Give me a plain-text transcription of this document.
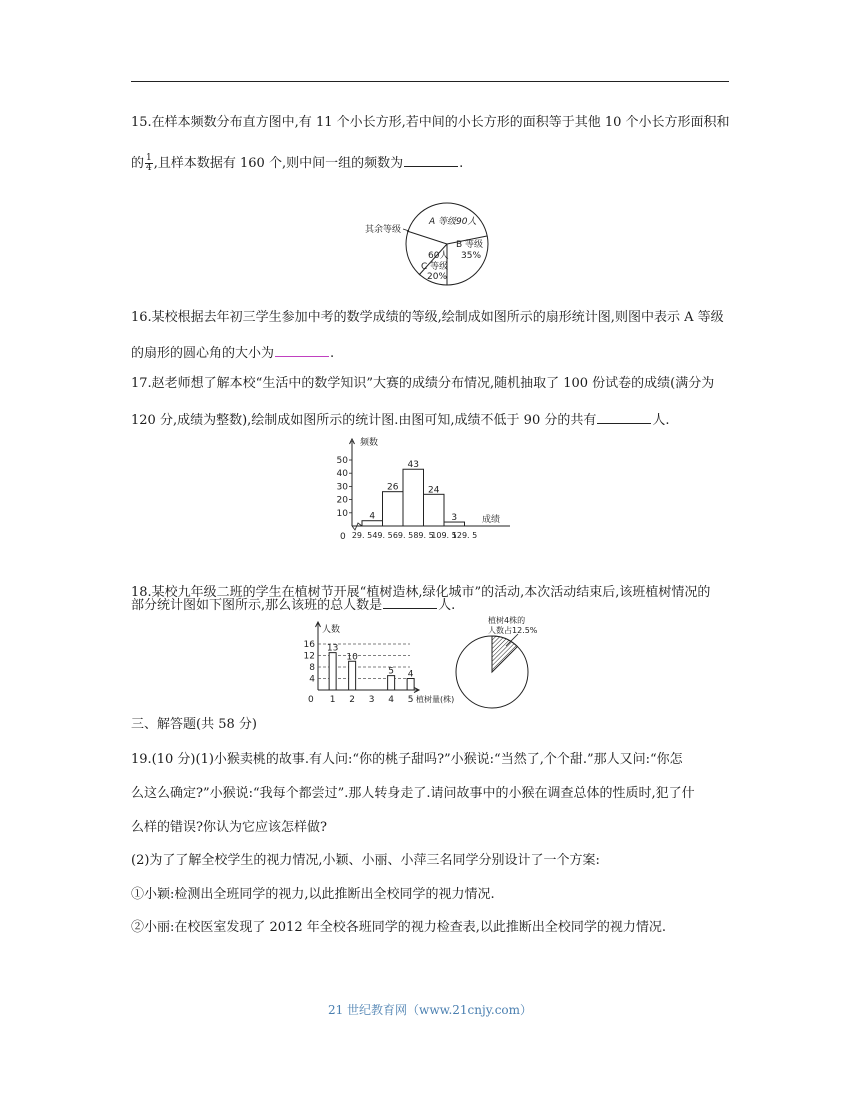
15.在样本频数分布直方图中,有 11 个小长方形,若中间的小长方形的面积等于其他 10 个小长方形面积和
的 $\frac{1}{4}$ ,且样本数据有 160 个,则中间一组的频数为	.
A 等级90人
B 等级
35%
60人
C 等级
20%
其余等级
16.某校根据去年初三学生参加中考的数学成绩的等级,绘制成如图所示的扇形统计图,则图中表示 A 等级
的扇形的圆心角的大小为	.
17.赵老师想了解本校“生活中的数学知识”大赛的成绩分布情况,随机抽取了 100 份试卷的成绩(满分为
120 分,成绩为整数),绘制成如图所示的统计图.由图可知,成绩不低于 90 分的共有	人.
频数
成绩
0
10
20
30
40
50
4
26
43
24
3
29. 5 49. 5 69. 5 89. 5
109. 5
129. 5
18.某校九年级二班的学生在植树节开展“植树造林,绿化城市”的活动,本次活动结束后,该班植树情况的
部分统计图如下图所示,那么该班的总人数是	人.
人数
植树量(株)
0
4
8
12
16
1
13
2
10
3 4
5
5
4
植树4株的
人数占12.5%
三、解答题(共 58 分)
19.(10 分)(1)小猴卖桃的故事.有人问:“你的桃子甜吗?”小猴说:“当然了,个个甜.”那人又问:“你怎
么这么确定?”小猴说:“我每个都尝过”.那人转身走了.请问故事中的小猴在调查总体的性质时,犯了什
么样的错误?你认为它应该怎样做?
(2)为了了解全校学生的视力情况,小颖、小丽、小萍三名同学分别设计了一个方案:
①小颖:检测出全班同学的视力,以此推断出全校同学的视力情况.
②小丽:在校医室发现了 2012 年全校各班同学的视力检查表,以此推断出全校同学的视力情况.
21 世纪教育网（www.21cnjy.com）
